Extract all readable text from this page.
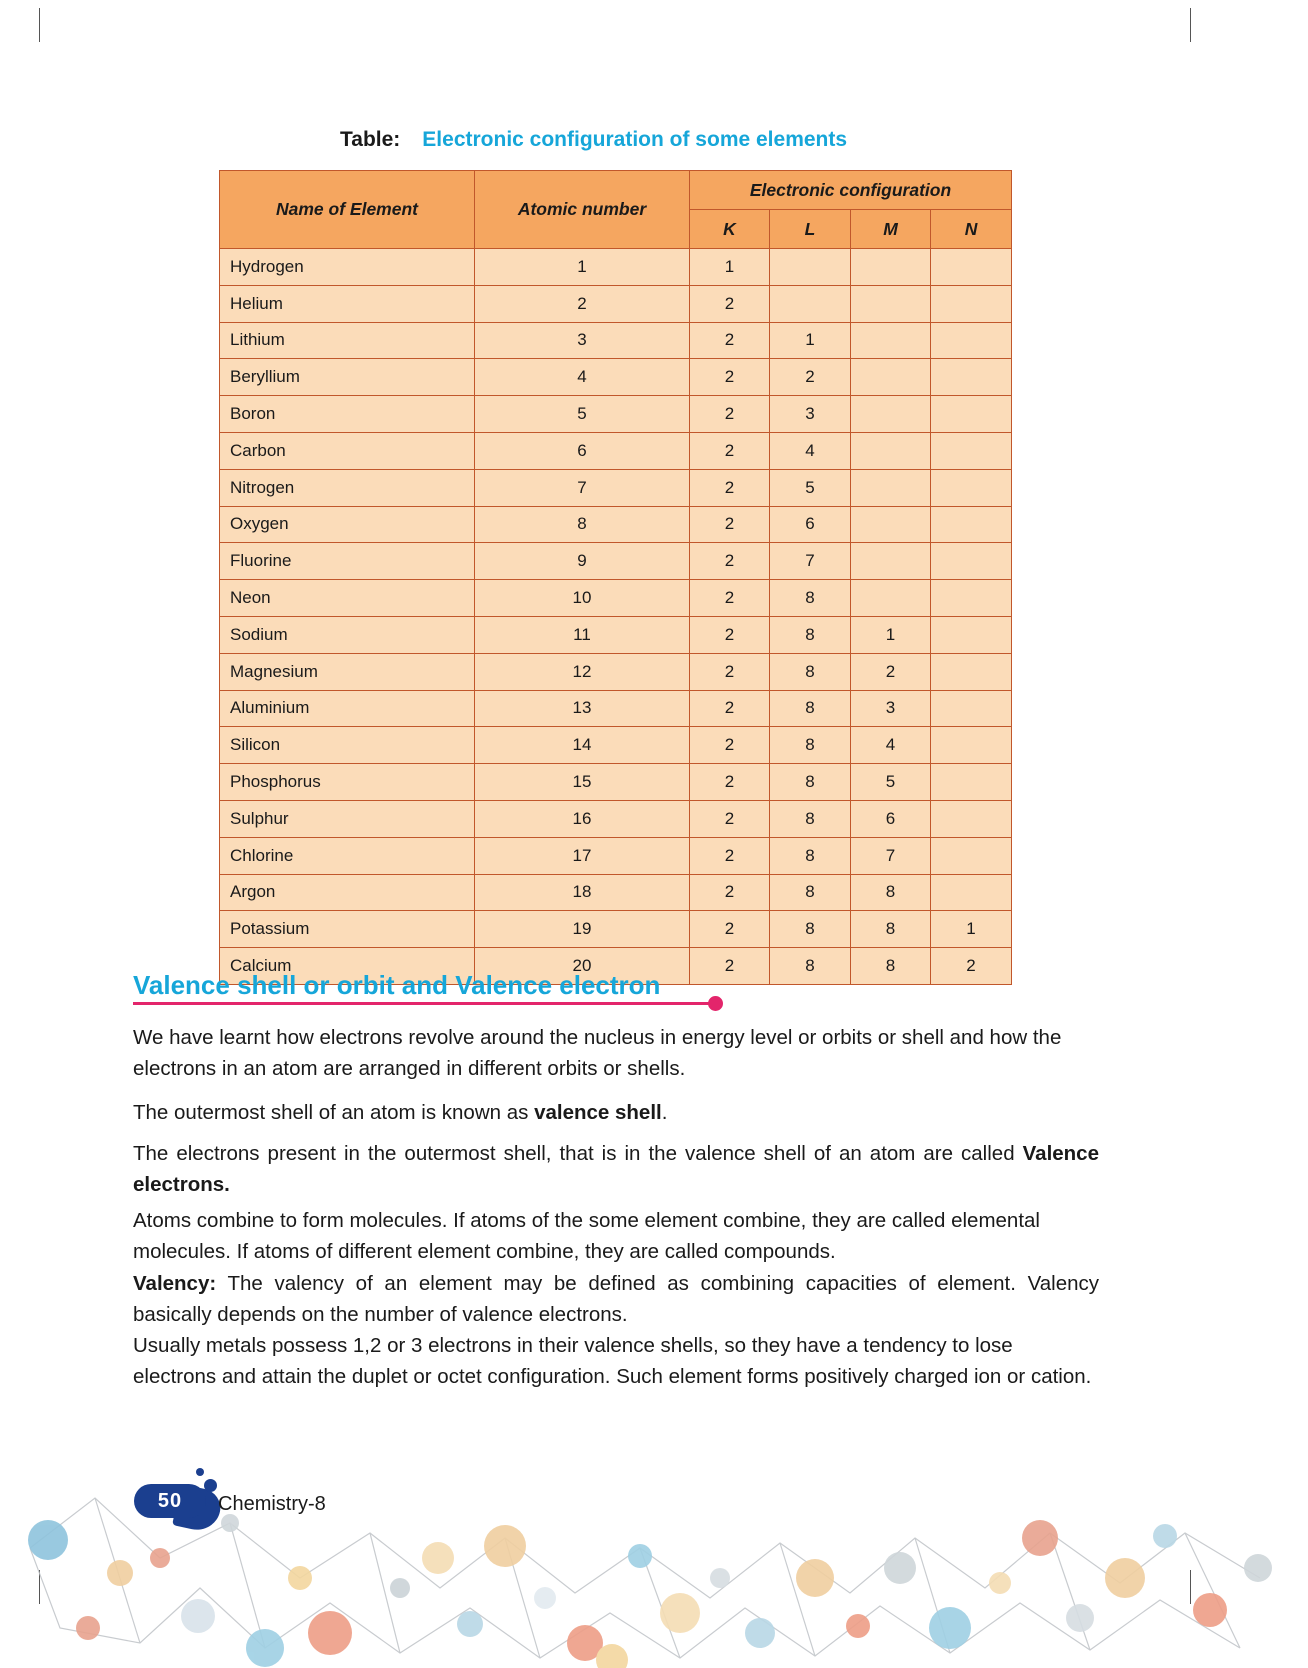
Table: Electronic configuration of some elements
Name of Element	Atomic number	Electronic configuration			
		K	L	M	N
Hydrogen	1	1			
Helium	2	2			
Lithium	3	2	1		
Beryllium	4	2	2		
Boron	5	2	3		
Carbon	6	2	4		
Nitrogen	7	2	5		
Oxygen	8	2	6		
Fluorine	9	2	7		
Neon	10	2	8		
Sodium	11	2	8	1	
Magnesium	12	2	8	2	
Aluminium	13	2	8	3	
Silicon	14	2	8	4	
Phosphorus	15	2	8	5	
Sulphur	16	2	8	6	
Chlorine	17	2	8	7	
Argon	18	2	8	8	
Potassium	19	2	8	8	1
Calcium	20	2	8	8	2
Valence shell or orbit and Valence electron
We have learnt how electrons revolve around the nucleus in energy level or orbits or shell and how the electrons in an atom are arranged in different orbits or shells.
The outermost shell of an atom is known as valence shell.
The electrons present in the outermost shell, that is in the valence shell of an atom are called Valence electrons.
Atoms combine to form molecules. If atoms of the some element combine, they are called elemental molecules. If atoms of different element combine, they are called compounds.
Valency: The valency of an element may be defined as combining capacities of element. Valency basically depends on the number of valence electrons.
Usually metals possess 1,2 or 3 electrons in their valence shells, so they have a tendency to lose electrons and attain the duplet or octet configuration. Such element forms positively charged ion or cation.
50 Chemistry-8
